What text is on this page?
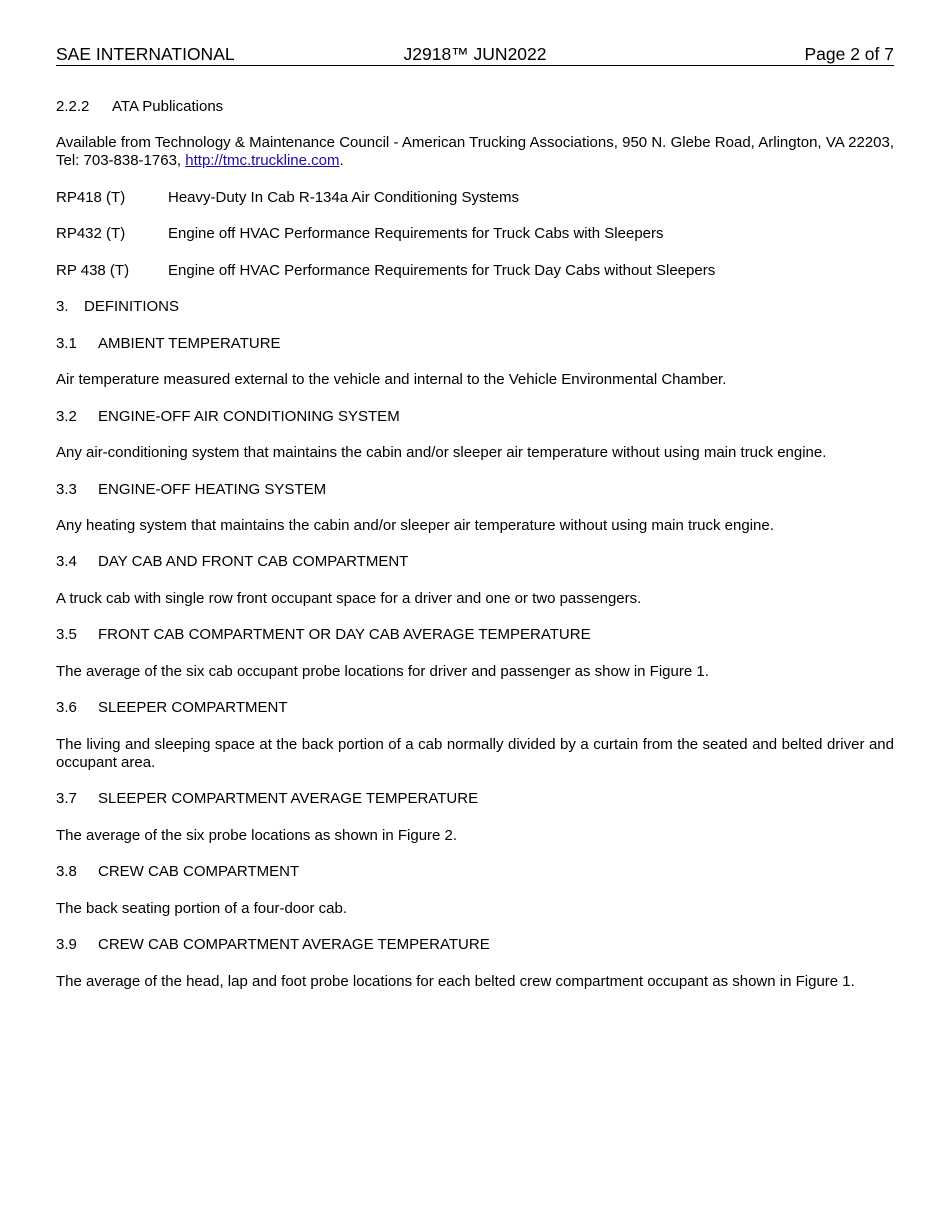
SAE INTERNATIONAL	J2918™ JUN2022	Page 2 of 7
2.2.2 ATA Publications
Available from Technology & Maintenance Council - American Trucking Associations, 950 N. Glebe Road, Arlington, VA 22203, Tel: 703-838-1763, http://tmc.truckline.com.
RP418 (T)	Heavy-Duty In Cab R-134a Air Conditioning Systems
RP432 (T)	Engine off HVAC Performance Requirements for Truck Cabs with Sleepers
RP 438 (T)	Engine off HVAC Performance Requirements for Truck Day Cabs without Sleepers
3. DEFINITIONS
3.1 AMBIENT TEMPERATURE
Air temperature measured external to the vehicle and internal to the Vehicle Environmental Chamber.
3.2 ENGINE-OFF AIR CONDITIONING SYSTEM
Any air-conditioning system that maintains the cabin and/or sleeper air temperature without using main truck engine.
3.3 ENGINE-OFF HEATING SYSTEM
Any heating system that maintains the cabin and/or sleeper air temperature without using main truck engine.
3.4 DAY CAB AND FRONT CAB COMPARTMENT
A truck cab with single row front occupant space for a driver and one or two passengers.
3.5 FRONT CAB COMPARTMENT OR DAY CAB AVERAGE TEMPERATURE
The average of the six cab occupant probe locations for driver and passenger as show in Figure 1.
3.6 SLEEPER COMPARTMENT
The living and sleeping space at the back portion of a cab normally divided by a curtain from the seated and belted driver and occupant area.
3.7 SLEEPER COMPARTMENT AVERAGE TEMPERATURE
The average of the six probe locations as shown in Figure 2.
3.8 CREW CAB COMPARTMENT
The back seating portion of a four-door cab.
3.9 CREW CAB COMPARTMENT AVERAGE TEMPERATURE
The average of the head, lap and foot probe locations for each belted crew compartment occupant as shown in Figure 1.
